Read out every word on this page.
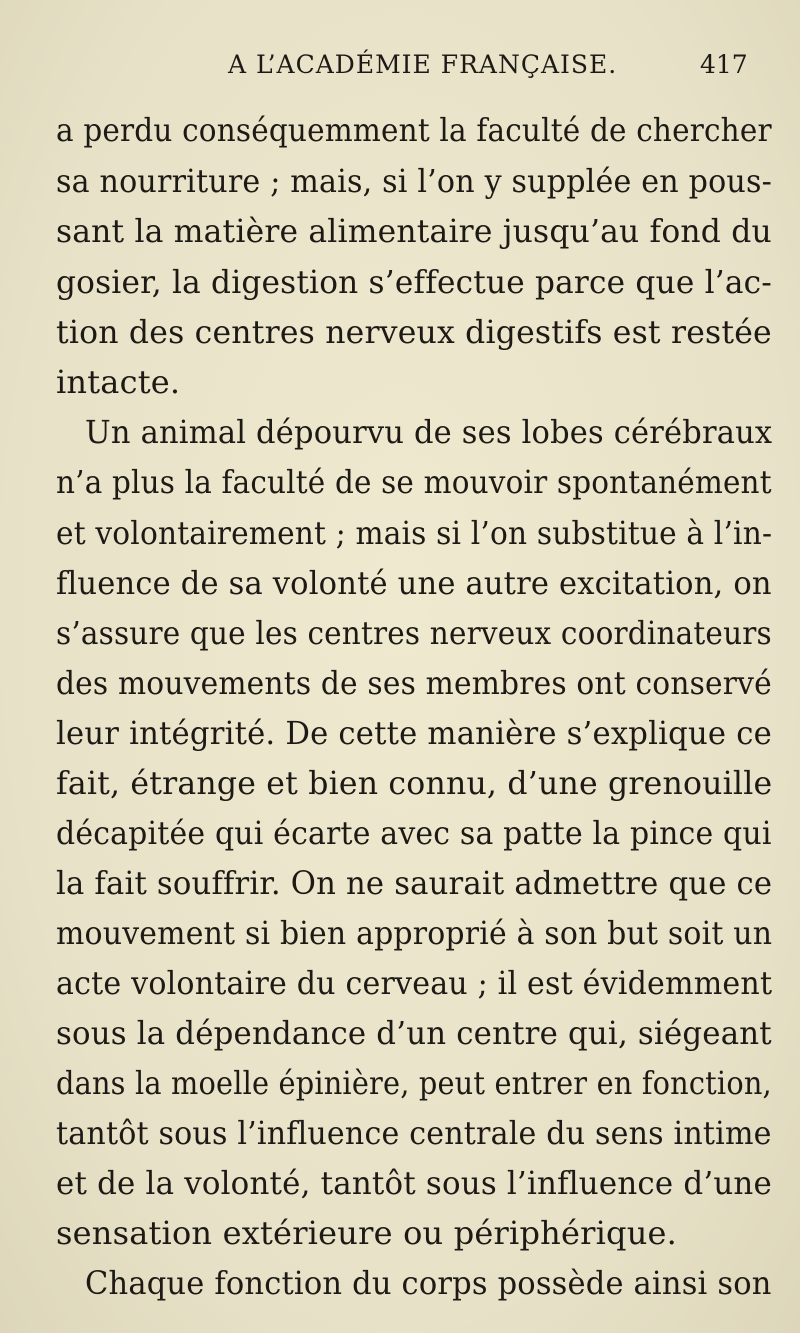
A L’ACADÉMIE FRANÇAISE.	417
a perdu conséquemment la faculté de chercher
sa nourriture ; mais, si l’on y supplée en pous-
sant la matière alimentaire jusqu’au fond du
gosier, la digestion s’effectue parce que l’ac-
tion des centres nerveux digestifs est restée
intacte.
Un animal dépourvu de ses lobes cérébraux
n’a plus la faculté de se mouvoir spontanément
et volontairement ; mais si l’on substitue à l’in-
fluence de sa volonté une autre excitation, on
s’assure que les centres nerveux coordinateurs
des mouvements de ses membres ont conservé
leur intégrité. De cette manière s’explique ce
fait, étrange et bien connu, d’une grenouille
décapitée qui écarte avec sa patte la pince qui
la fait souffrir. On ne saurait admettre que ce
mouvement si bien approprié à son but soit un
acte volontaire du cerveau ; il est évidemment
sous la dépendance d’un centre qui, siégeant
dans la moelle épinière, peut entrer en fonction,
tantôt sous l’influence centrale du sens intime
et de la volonté, tantôt sous l’influence d’une
sensation extérieure ou périphérique.
Chaque fonction du corps possède ainsi son
